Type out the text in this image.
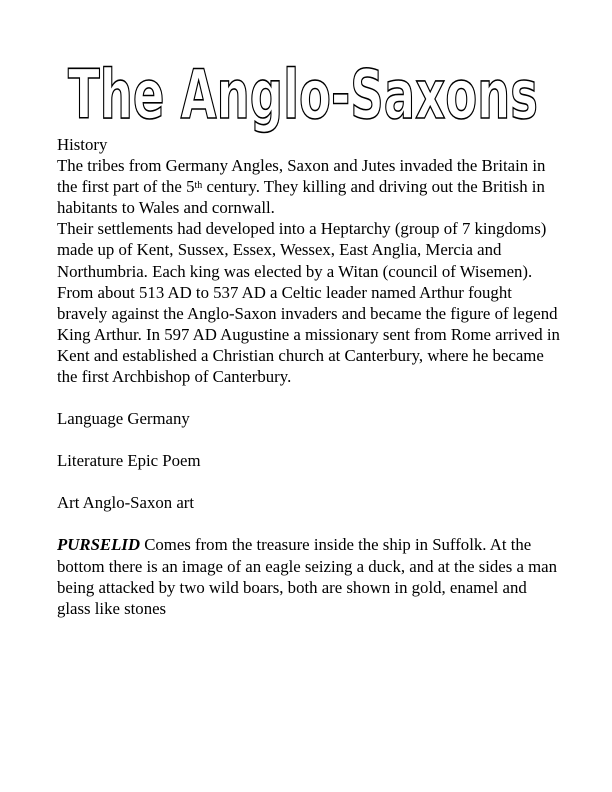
The Anglo-Saxons

History

The tribes from Germany Angles, Saxon and Jutes invaded the Britain in the first part of the 5th century. They killing and driving out the British in habitants to Wales and cornwall.

Their settlements had developed into a Heptarchy (group of 7 kingdoms) made up of Kent, Sussex, Essex, Wessex, East Anglia, Mercia and Northumbria. Each king was elected by a Witan (council of Wisemen). From about 513 AD to 537 AD a Celtic leader named Arthur fought bravely against the Anglo-Saxon invaders and became the figure of legend King Arthur. In 597 AD Augustine a missionary sent from Rome arrived in Kent and established a Christian church at Canterbury, where he became the first Archbishop of Canterbury.

Language Germany

Literature Epic Poem

Art Anglo-Saxon art

PURSELID Comes from the treasure inside the ship in Suffolk. At the bottom there is an image of an eagle seizing a duck, and at the sides a man being attacked by two wild boars, both are shown in gold, enamel and glass like stones
